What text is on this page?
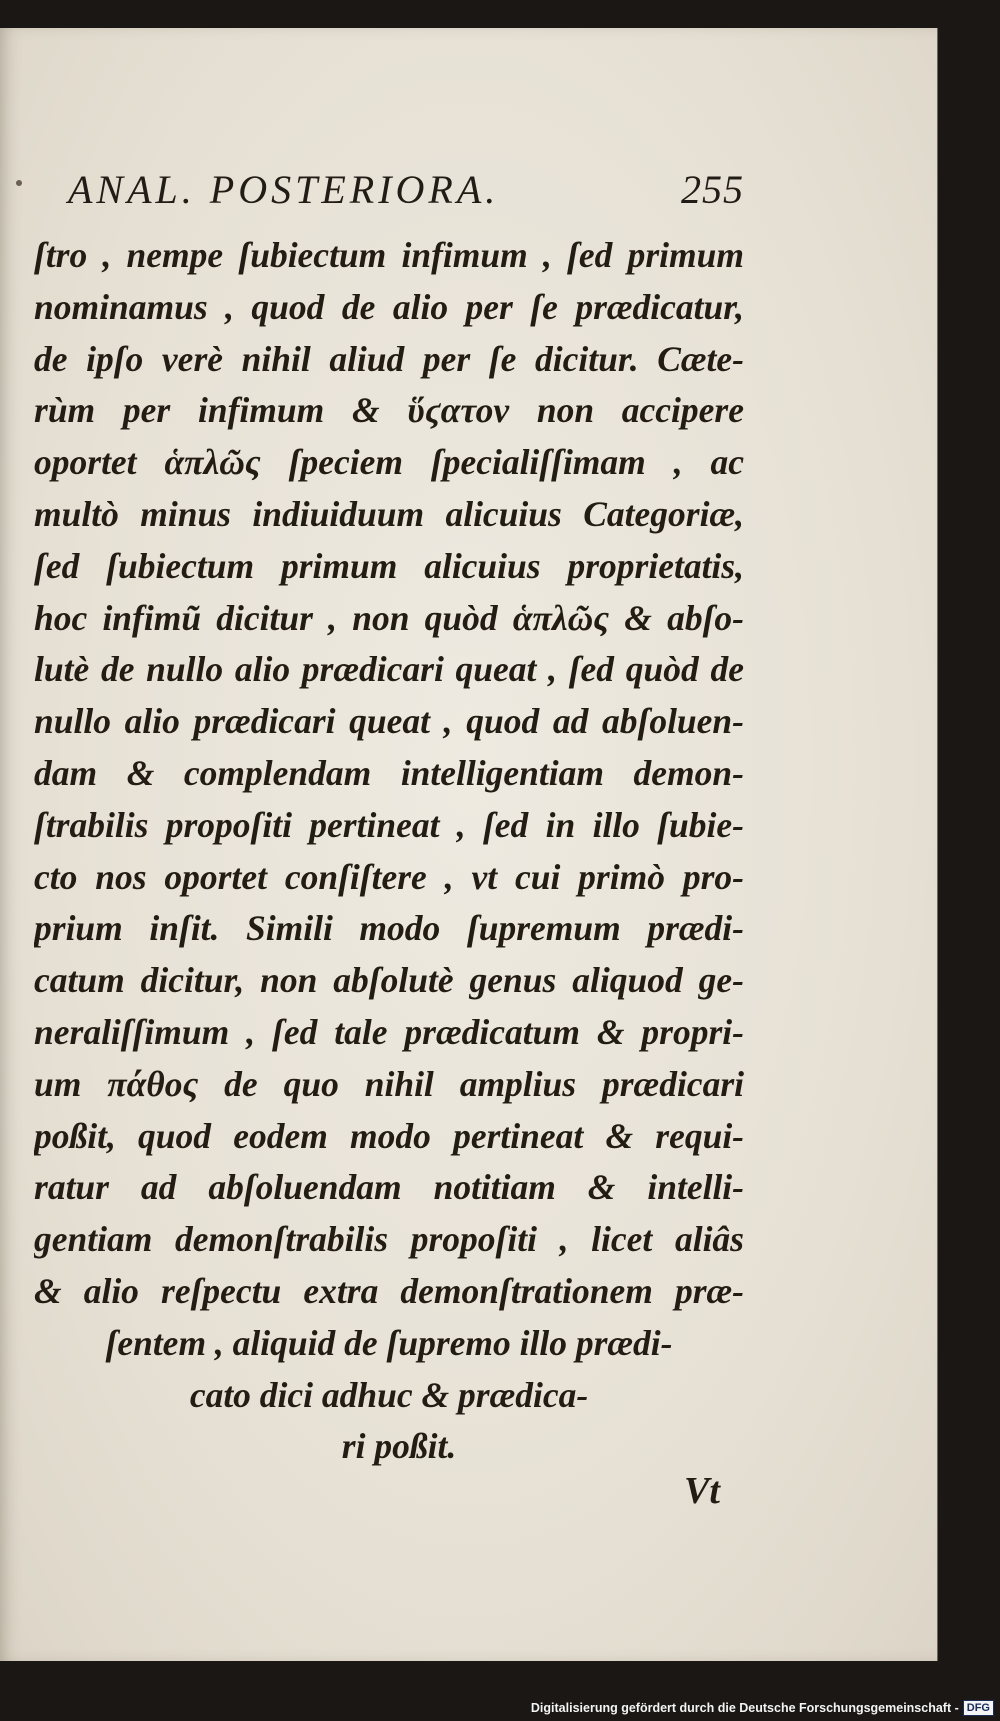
ANAL. POSTERIORA.	255
ſtro , nempe ſubiectum infimum , ſed primum
nominamus , quod de alio per ſe prædicatur,
de ipſo verè nihil aliud per ſe dicitur. Cæte-
rùm per infimum & ὕϛατον non accipere
oportet ἁπλῶς ſpeciem ſpecialiſſimam , ac
multò minus indiuiduum alicuius Categoriæ,
ſed ſubiectum primum alicuius proprietatis,
hoc infimũ dicitur , non quòd ἁπλῶς & abſo-
lutè de nullo alio prædicari queat , ſed quòd de
nullo alio prædicari queat , quod ad abſoluen-
dam & complendam intelligentiam demon-
ſtrabilis propoſiti pertineat , ſed in illo ſubie-
cto nos oportet conſiſtere , vt cui primò pro-
prium inſit. Simili modo ſupremum prædi-
catum dicitur, non abſolutè genus aliquod ge-
neraliſſimum , ſed tale prædicatum & propri-
um πάθος de quo nihil amplius prædicari
poßit, quod eodem modo pertineat & requi-
ratur ad abſoluendam notitiam & intelli-
gentiam demonſtrabilis propoſiti , licet aliâs
& alio reſpectu extra demonſtrationem præ-
ſentem , aliquid de ſupremo illo prædi-
cato dici adhuc & prædica-
ri poßit.
Vt
Digitalisierung gefördert durch die Deutsche Forschungsgemeinschaft - DFG
